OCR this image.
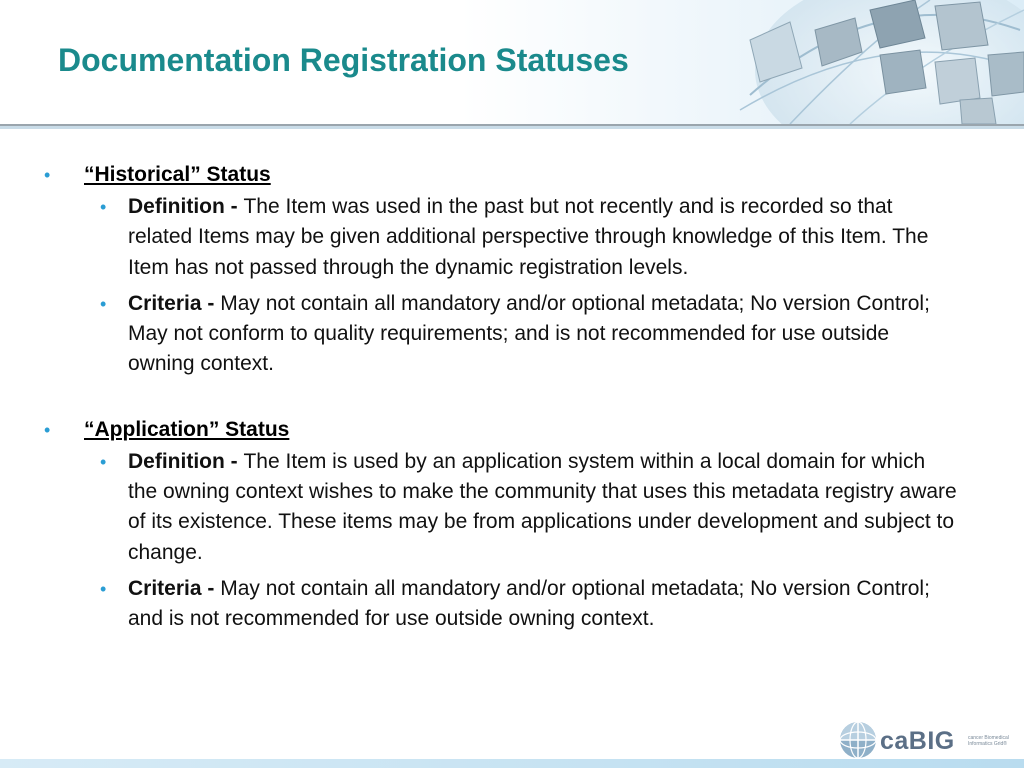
Documentation Registration Statuses
• “Historical” Status
• Definition - The Item was used in the past but not recently and is recorded so that related Items may be given additional perspective through knowledge of this Item. The Item has not passed through the dynamic registration levels.

• Criteria - May not contain all mandatory and/or optional metadata; No version Control; May not conform to quality requirements; and is not recommended for use outside owning context.

• “Application” Status
• Definition - The Item is used by an application system within a local domain for which the owning context wishes to make the community that uses this metadata registry aware of its existence. These items may be from applications under development and subject to change.

• Criteria - May not contain all mandatory and/or optional metadata; No version Control; and is not recommended for use outside owning context.

caBIG	cancer Biomedical
Informatics Grid®
